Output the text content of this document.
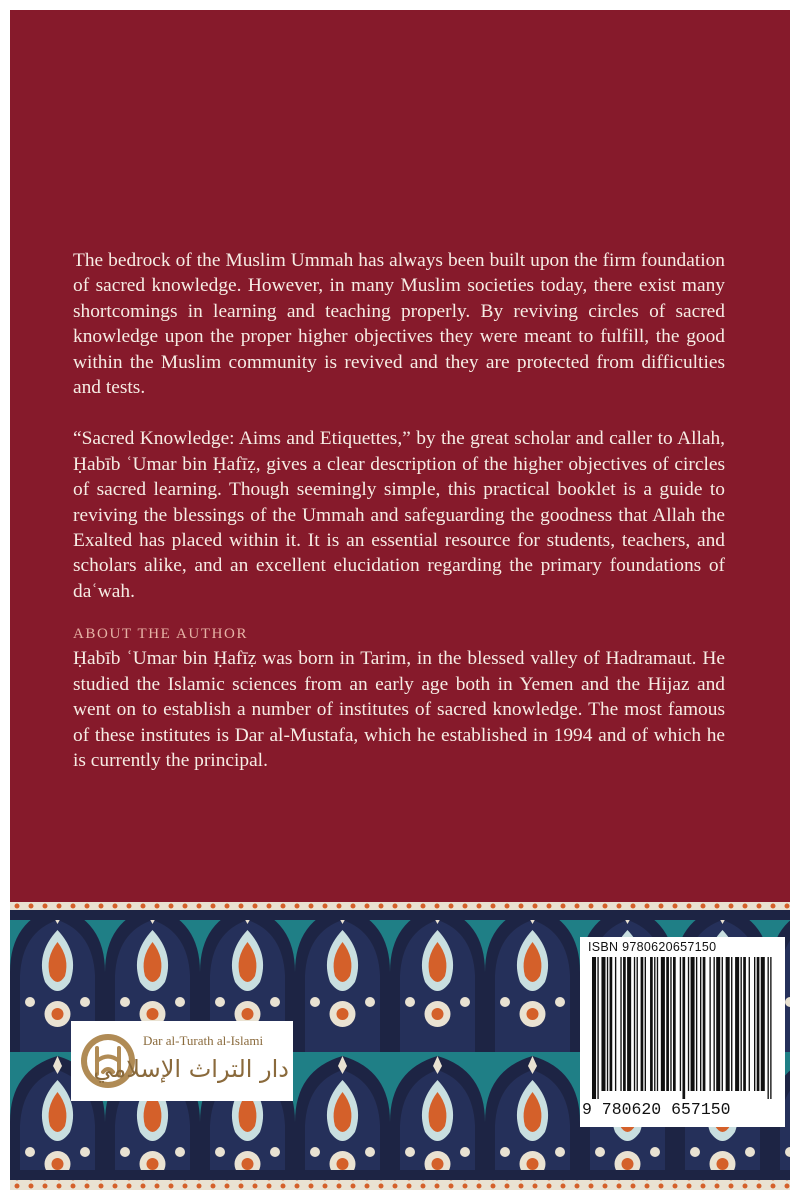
The bedrock of the Muslim Ummah has always been built upon the firm foundation of sacred knowledge. However, in many Muslim societies today, there exist many shortcomings in learning and teaching properly. By reviving circles of sacred knowledge upon the proper higher objectives they were meant to fulfill, the good within the Muslim community is revived and they are protected from difficulties and tests.

“Sacred Knowledge: Aims and Etiquettes,” by the great scholar and caller to Allah, Ḥabīb ʿUmar bin Ḥafīẓ, gives a clear description of the higher objectives of circles of sacred learning. Though seemingly simple, this practical booklet is a guide to reviving the blessings of the Ummah and safeguarding the goodness that Allah the Exalted has placed within it. It is an essential resource for students, teachers, and scholars alike, and an excellent elucidation regarding the primary foundations of daʿwah.

ABOUT THE AUTHOR

Ḥabīb ʿUmar bin Ḥafīẓ was born in Tarim, in the blessed valley of Hadramaut. He studied the Islamic sciences from an early age both in Yemen and the Hijaz and went on to establish a number of institutes of sacred knowledge. The most famous of these institutes is Dar al-Mustafa, which he established in 1994 and of which he is currently the principal.

Dar al-Turath al-Islami
دار التراث الإسلامي
ISBN 9780620657150
9 780620 657150
